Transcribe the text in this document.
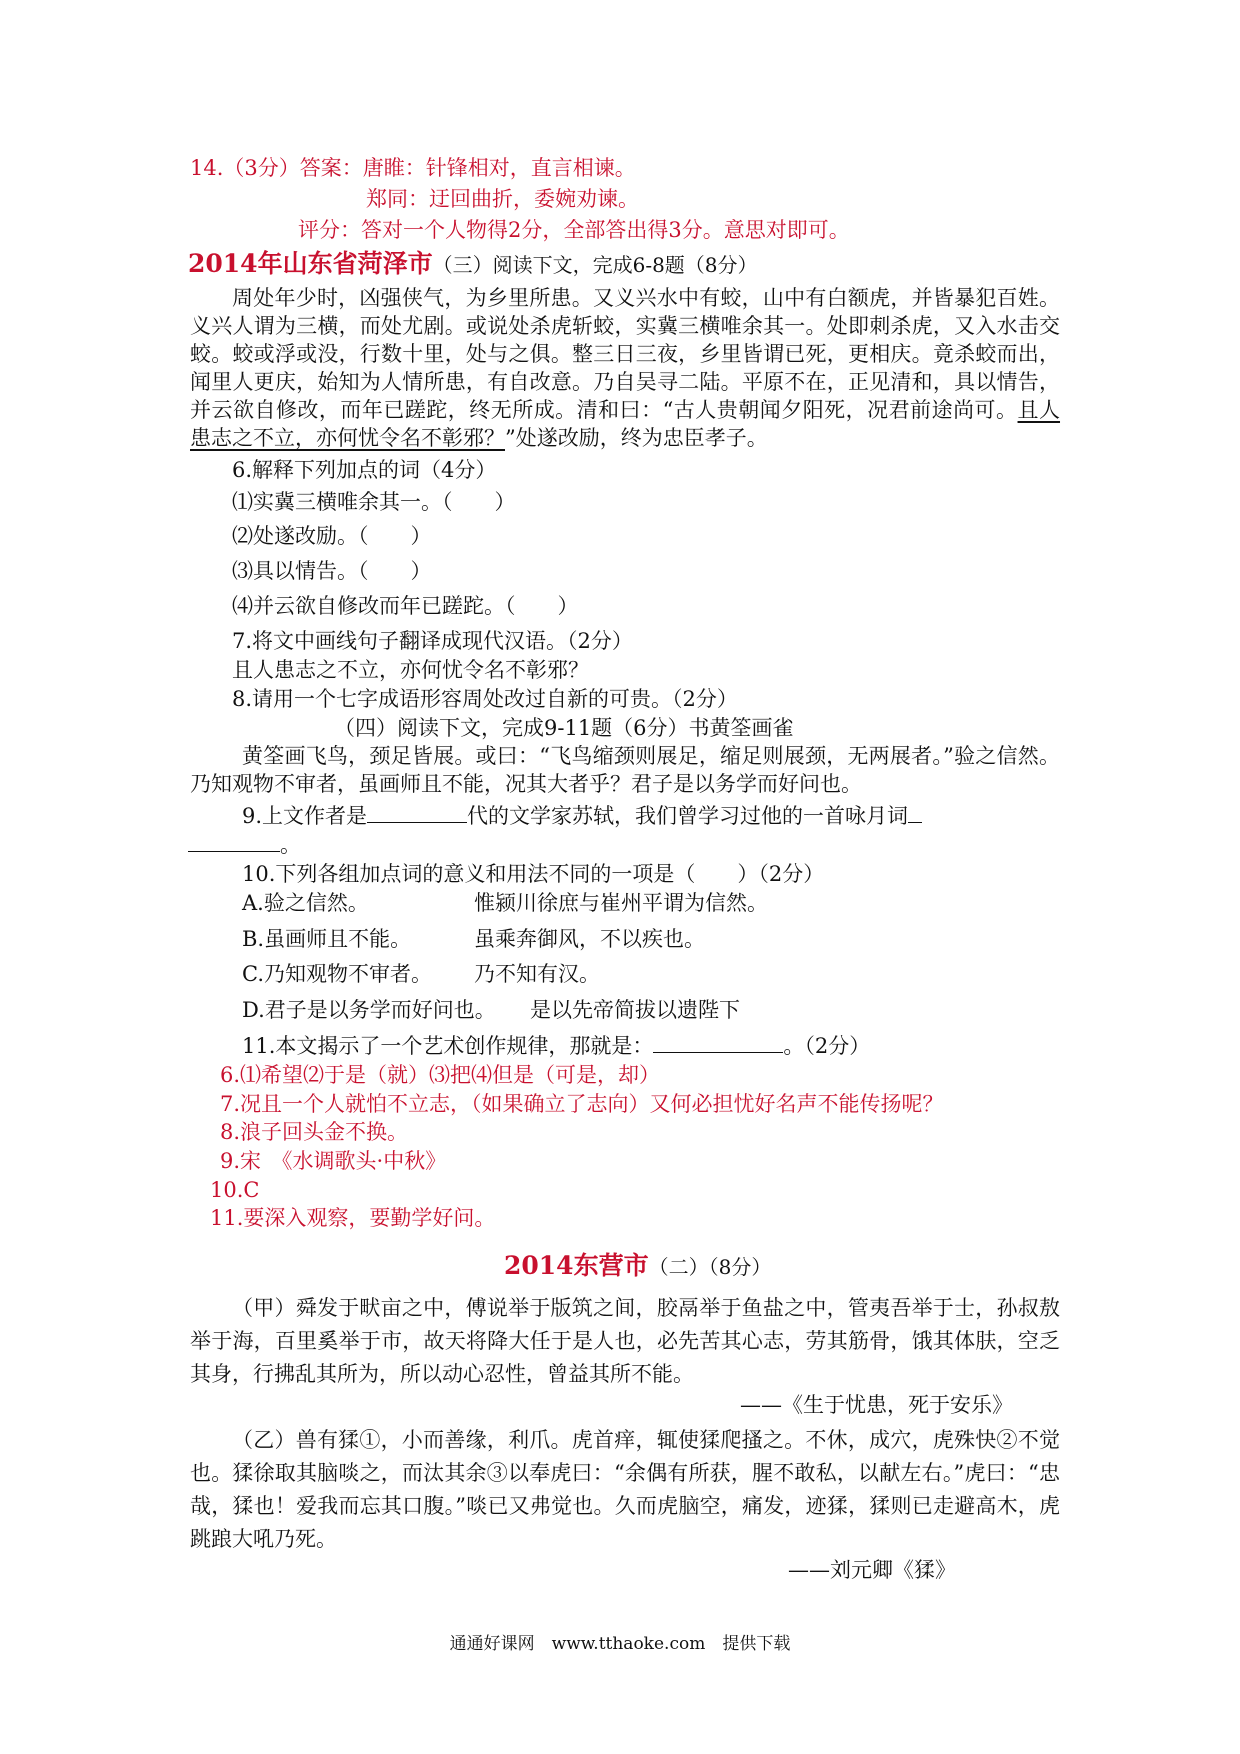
14.（3分）答案：唐睢：针锋相对，直言相谏。
郑同：迂回曲折，委婉劝谏。
评分：答对一个人物得2分，全部答出得3分。意思对即可。
2014年山东省菏泽市（三）阅读下文，完成6-8题（8分）
周处年少时，凶强侠气，为乡里所患。又义兴水中有蛟，山中有白额虎，并皆暴犯百姓。义兴人谓为三横，而处尤剧。或说处杀虎斩蛟，实冀三横唯余其一。处即刺杀虎，又入水击交蛟。蛟或浮或没，行数十里，处与之俱。整三日三夜，乡里皆谓已死，更相庆。竟杀蛟而出，闻里人更庆，始知为人情所患，有自改意。乃自吴寻二陆。平原不在，正见清和，具以情告，并云欲自修改，而年已蹉跎，终无所成。清和曰：“古人贵朝闻夕阳死，况君前途尚可。且人患志之不立，亦何忧令名不彰邪？”处遂改励，终为忠臣孝子。
6.解释下列加点的词（4分）
⑴实冀三横唯余其一。（　　）
⑵处遂改励。（　　）
⑶具以情告。（　　）
⑷并云欲自修改而年已蹉跎。（　　）
7.将文中画线句子翻译成现代汉语。（2分）
且人患志之不立，亦何忧令名不彰邪？
8.请用一个七字成语形容周处改过自新的可贵。（2分）
（四）阅读下文，完成9-11题（6分）书黄筌画雀
黄筌画飞鸟，颈足皆展。或曰：“飞鸟缩颈则展足，缩足则展颈，无两展者。”验之信然。乃知观物不审者，虽画师且不能，况其大者乎？君子是以务学而好问也。
9.上文作者是	代的文学家苏轼，我们曾学习过他的一首咏月词
。
10.下列各组加点词的意义和用法不同的一项是（　　）（2分）
A.验之信然。	惟颍川徐庶与崔州平谓为信然。
B.虽画师且不能。	虽乘奔御风，不以疾也。
C.乃知观物不审者。 乃不知有汉。
D.君子是以务学而好问也。 是以先帝简拔以遗陛下
11.本文揭示了一个艺术创作规律，那就是：	。（2分）
6.⑴希望⑵于是（就）⑶把⑷但是（可是，却）
7.况且一个人就怕不立志，（如果确立了志向）又何必担忧好名声不能传扬呢？
8.浪子回头金不换。
9.宋　《水调歌头·中秋》
10.C
11.要深入观察，要勤学好问。
2014东营市（二）（8分）
（甲）舜发于畎亩之中，傅说举于版筑之间，胶鬲举于鱼盐之中，管夷吾举于士，孙叔敖举于海，百里奚举于市，故天将降大任于是人也，必先苦其心志，劳其筋骨，饿其体肤，空乏其身，行拂乱其所为，所以动心忍性，曾益其所不能。
——《生于忧患，死于安乐》
（乙）兽有猱①，小而善缘，利爪。虎首痒，辄使猱爬搔之。不休，成穴，虎殊快②不觉也。猱徐取其脑啖之，而汰其余③以奉虎曰：“余偶有所获，腥不敢私，以献左右。”虎曰：“忠哉，猱也！爱我而忘其口腹。”啖已又弗觉也。久而虎脑空，痛发，迹猱，猱则已走避高木，虎跳踉大吼乃死。
——刘元卿《猱》
通通好课网　www.tthaoke.com　提供下载
